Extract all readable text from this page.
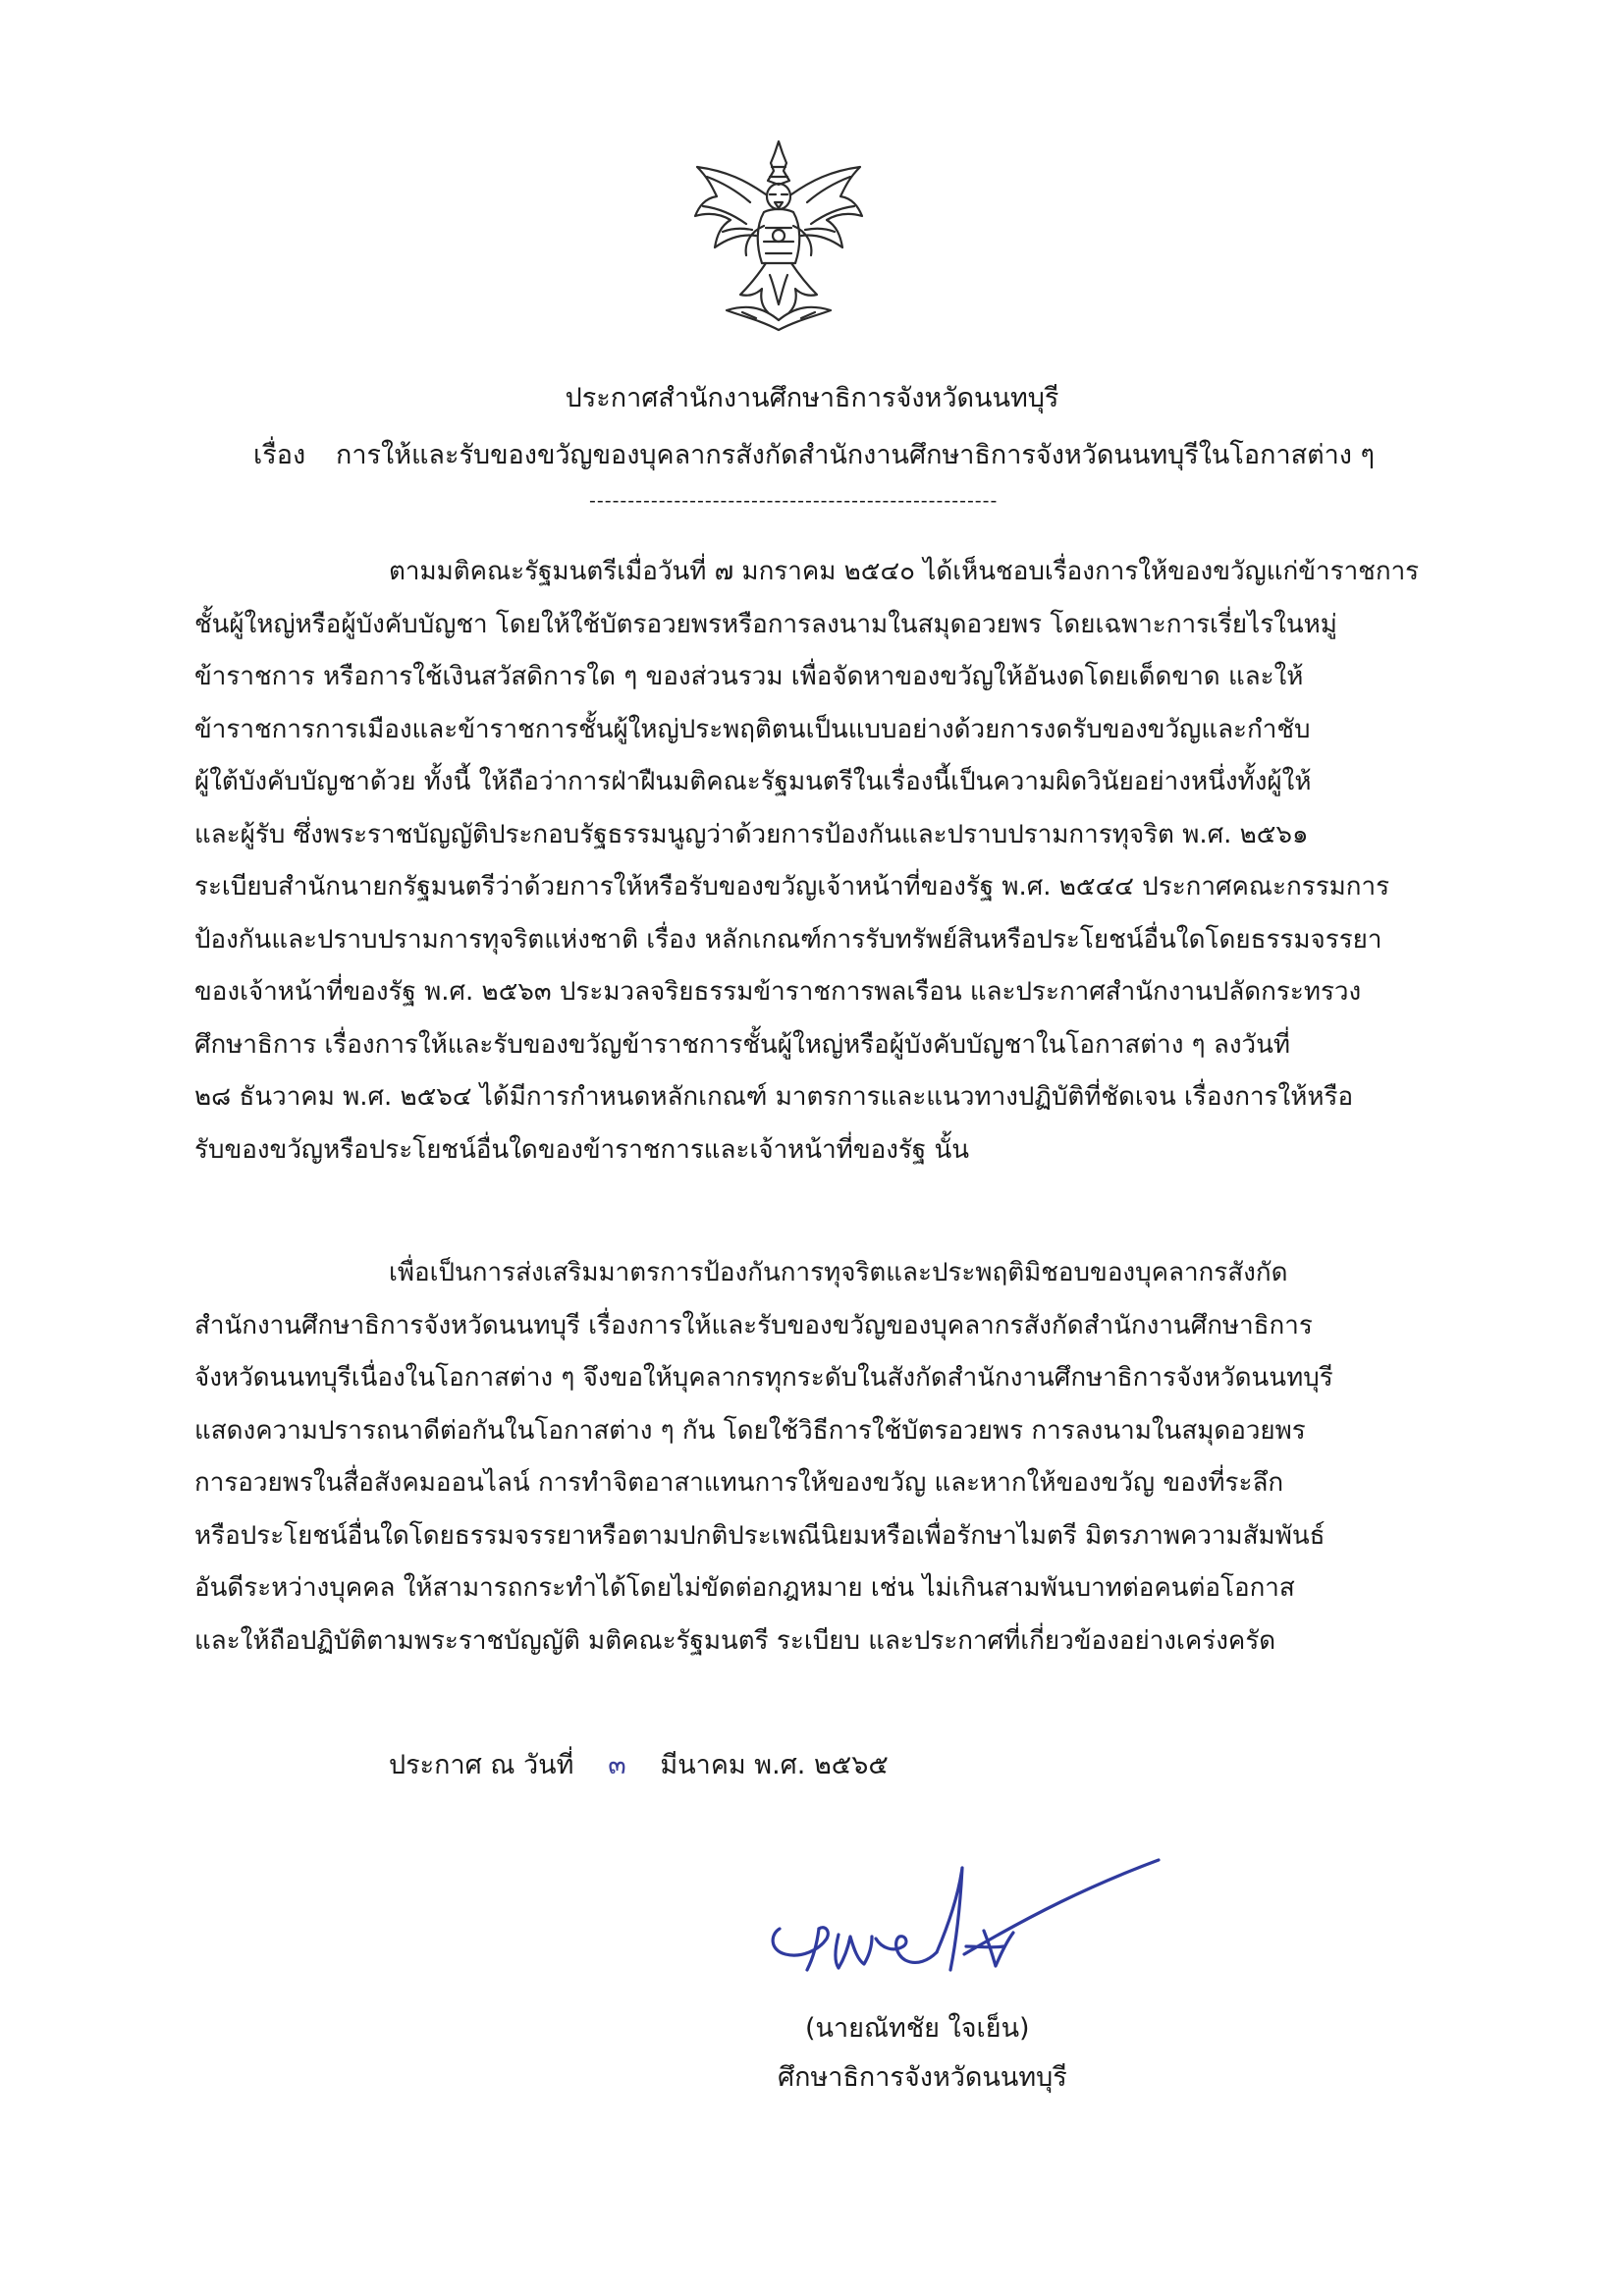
ประกาศสำนักงานศึกษาธิการจังหวัดนนทบุรี
เรื่อง การให้และรับของขวัญของบุคลากรสังกัดสำนักงานศึกษาธิการจังหวัดนนทบุรีในโอกาสต่าง ๆ
-----------------------------------------------------
ตามมติคณะรัฐมนตรีเมื่อวันที่ ๗ มกราคม ๒๕๔๐ ได้เห็นชอบเรื่องการให้ของขวัญแก่ข้าราชการ
ชั้นผู้ใหญ่หรือผู้บังคับบัญชา โดยให้ใช้บัตรอวยพรหรือการลงนามในสมุดอวยพร โดยเฉพาะการเรี่ยไรในหมู่
ข้าราชการ หรือการใช้เงินสวัสดิการใด ๆ ของส่วนรวม เพื่อจัดหาของขวัญให้อันงดโดยเด็ดขาด และให้
ข้าราชการการเมืองและข้าราชการชั้นผู้ใหญ่ประพฤติตนเป็นแบบอย่างด้วยการงดรับของขวัญและกำชับ
ผู้ใต้บังคับบัญชาด้วย ทั้งนี้ ให้ถือว่าการฝ่าฝืนมติคณะรัฐมนตรีในเรื่องนี้เป็นความผิดวินัยอย่างหนึ่งทั้งผู้ให้
และผู้รับ ซึ่งพระราชบัญญัติประกอบรัฐธรรมนูญว่าด้วยการป้องกันและปราบปรามการทุจริต พ.ศ. ๒๕๖๑
ระเบียบสำนักนายกรัฐมนตรีว่าด้วยการให้หรือรับของขวัญเจ้าหน้าที่ของรัฐ พ.ศ. ๒๕๔๔ ประกาศคณะกรรมการ
ป้องกันและปราบปรามการทุจริตแห่งชาติ เรื่อง หลักเกณฑ์การรับทรัพย์สินหรือประโยชน์อื่นใดโดยธรรมจรรยา
ของเจ้าหน้าที่ของรัฐ พ.ศ. ๒๕๖๓ ประมวลจริยธรรมข้าราชการพลเรือน และประกาศสำนักงานปลัดกระทรวง
ศึกษาธิการ เรื่องการให้และรับของขวัญข้าราชการชั้นผู้ใหญ่หรือผู้บังคับบัญชาในโอกาสต่าง ๆ ลงวันที่
๒๘ ธันวาคม พ.ศ. ๒๕๖๔ ได้มีการกำหนดหลักเกณฑ์ มาตรการและแนวทางปฏิบัติที่ชัดเจน เรื่องการให้หรือ
รับของขวัญหรือประโยชน์อื่นใดของข้าราชการและเจ้าหน้าที่ของรัฐ นั้น
เพื่อเป็นการส่งเสริมมาตรการป้องกันการทุจริตและประพฤติมิชอบของบุคลากรสังกัด
สำนักงานศึกษาธิการจังหวัดนนทบุรี เรื่องการให้และรับของขวัญของบุคลากรสังกัดสำนักงานศึกษาธิการ
จังหวัดนนทบุรีเนื่องในโอกาสต่าง ๆ จึงขอให้บุคลากรทุกระดับในสังกัดสำนักงานศึกษาธิการจังหวัดนนทบุรี
แสดงความปรารถนาดีต่อกันในโอกาสต่าง ๆ กัน โดยใช้วิธีการใช้บัตรอวยพร การลงนามในสมุดอวยพร
การอวยพรในสื่อสังคมออนไลน์ การทำจิตอาสาแทนการให้ของขวัญ และหากให้ของขวัญ ของที่ระลึก
หรือประโยชน์อื่นใดโดยธรรมจรรยาหรือตามปกติประเพณีนิยมหรือเพื่อรักษาไมตรี มิตรภาพความสัมพันธ์
อันดีระหว่างบุคคล ให้สามารถกระทำได้โดยไม่ขัดต่อกฎหมาย เช่น ไม่เกินสามพันบาทต่อคนต่อโอกาส
และให้ถือปฏิบัติตามพระราชบัญญัติ มติคณะรัฐมนตรี ระเบียบ และประกาศที่เกี่ยวข้องอย่างเคร่งครัด
ประกาศ ณ วันที่ ๓ มีนาคม พ.ศ. ๒๕๖๕
(นายณัทชัย ใจเย็น)
ศึกษาธิการจังหวัดนนทบุรี
